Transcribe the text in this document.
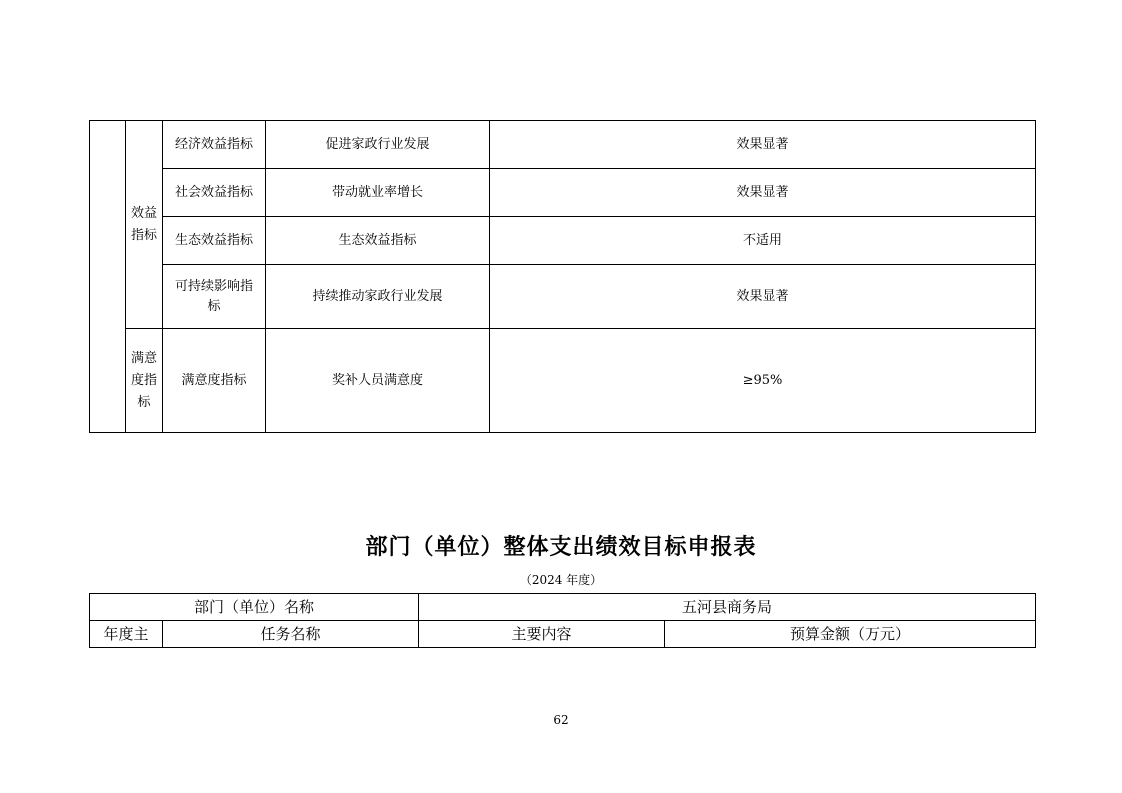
	效益指标	经济效益指标	促进家政行业发展	效果显著
		社会效益指标	带动就业率增长	效果显著
		生态效益指标	生态效益指标	不适用
		可持续影响指标	持续推动家政行业发展	效果显著
	满意度指标	满意度指标	奖补人员满意度	≥95%
部门（单位）整体支出绩效目标申报表
（2024 年度）
部门（单位）名称		五河县商务局	
年度主	任务名称	主要内容	预算金额（万元）
62
